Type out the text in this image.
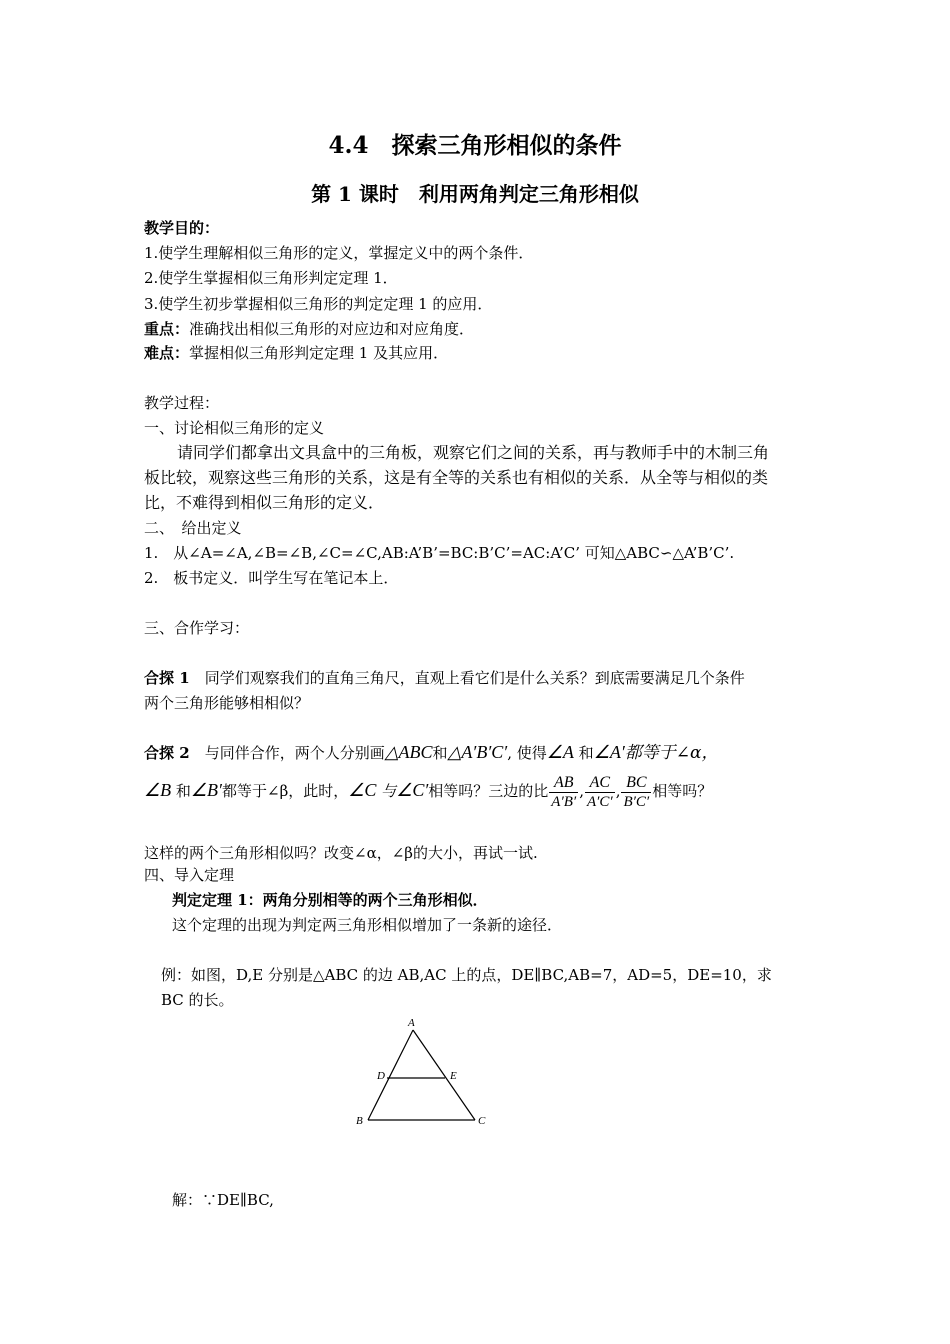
4.4　探索三角形相似的条件
第 1 课时　利用两角判定三角形相似
教学目的：
1.使学生理解相似三角形的定义，掌握定义中的两个条件．
2.使学生掌握相似三角形判定定理 1．
3.使学生初步掌握相似三角形的判定定理 1 的应用．
重点：准确找出相似三角形的对应边和对应角度．
难点：掌握相似三角形判定定理 1 及其应用．
教学过程：
一、讨论相似三角形的定义
请同学们都拿出文具盒中的三角板，观察它们之间的关系，再与教师手中的木制三角
板比较，观察这些三角形的关系，这是有全等的关系也有相似的关系．从全等与相似的类
比，不难得到相似三角形的定义．
二、　给出定义
1.　从∠A=∠A,∠B=∠B,∠C=∠C,AB:A’B’=BC:B’C’=AC:A’C’ 可知△ABC∽△A’B’C’.
2.　板书定义．叫学生写在笔记本上．
三、合作学习：
合探 1　 同学们观察我们的直角三角尺，直观上看它们是什么关系？到底需要满足几个条件
两个三角形能够相相似？
合探 2　 与同伴合作，两个人分别画△ABC和△A′B′C′, 使得∠A 和∠A′都等于∠α，
∠B 和∠B′都等于∠β，此时，∠C 与∠C′相等吗？三边的比 $\frac{AB}{A'B'}$ , $\frac{AC}{A'C'}$ , $\frac{BC}{B'C'}$ 相等吗？
这样的两个三角形相似吗？改变∠α，∠β的大小，再试一试.
四、导入定理
判定定理 1：两角分别相等的两个三角形相似．
这个定理的出现为判定两三角形相似增加了一条新的途径．
例：如图，D,E 分别是△ABC 的边 AB,AC 上的点，DE∥BC,AB=7，AD=5，DE=10，求
BC 的长。
A
D	E
B	C
解：∵DE∥BC,
